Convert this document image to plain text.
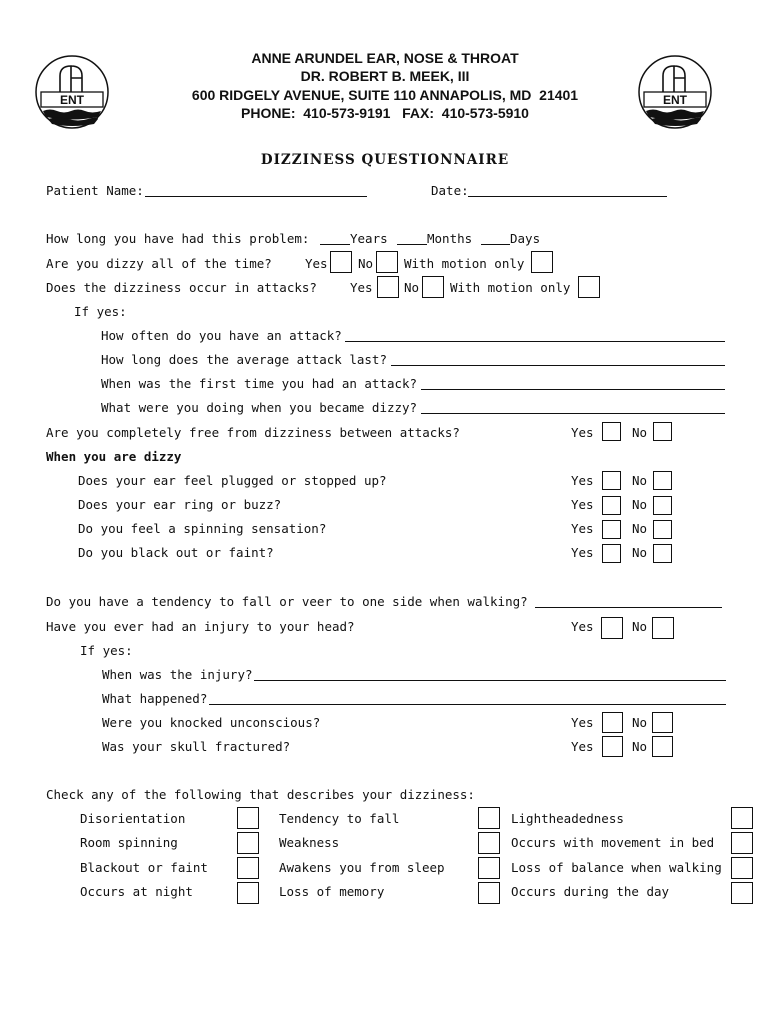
ENT	ENT
ANNE ARUNDEL EAR, NOSE & THROAT
DR. ROBERT B. MEEK, III
600 RIDGELY AVENUE, SUITE 110 ANNAPOLIS, MD  21401
PHONE:  410-573-9191   FAX:  410-573-5910
DIZZINESS QUESTIONNAIRE
Patient Name:	Date:
How long you have had this problem:	Years	Months	Days
Are you dizzy all of the time?	Yes No With motion only
Does the dizziness occur in attacks?	Yes	No With motion only
If yes:
How often do you have an attack?
How long does the average attack last?
When was the first time you had an attack?
What were you doing when you became dizzy?
Are you completely free from dizziness between attacks?	Yes	No
When you are dizzy
Does your ear feel plugged or stopped up?	Yes	No
Does your ear ring or buzz?	Yes	No
Do you feel a spinning sensation?	Yes	No
Do you black out or faint?	Yes	No
Do you have a tendency to fall or veer to one side when walking?
Have you ever had an injury to your head?	Yes	No
If yes:
When was the injury?
What happened?
Were you knocked unconscious?	Yes	No
Was your skull fractured?	Yes	No
Check any of the following that describes your dizziness:
Disorientation	Tendency to fall	Lightheadedness
Room spinning	Weakness	Occurs with movement in bed
Blackout or faint	Awakens you from sleep	Loss of balance when walking
Occurs at night	Loss of memory	Occurs during the day
